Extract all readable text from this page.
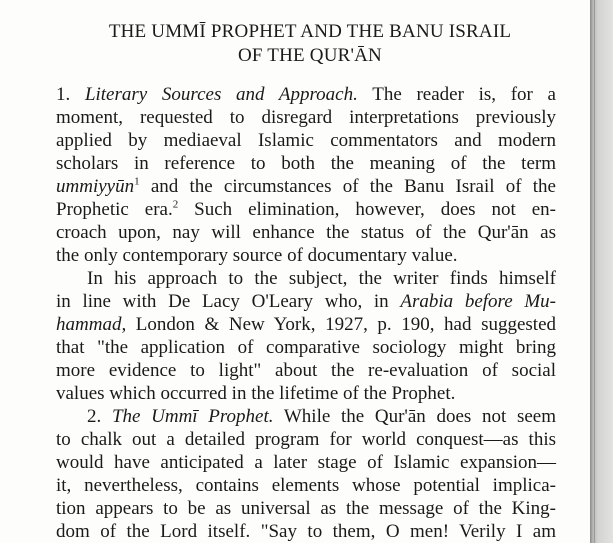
THE UMMĪ PROPHET AND THE BANU ISRAIL
OF THE QUR'ĀN
1. Literary Sources and Approach. The reader is, for a
moment, requested to disregard interpretations previously
applied by mediaeval Islamic commentators and modern
scholars in reference to both the meaning of the term
ummiyyūn$^1$ and the circumstances of the Banu Israil of the
Prophetic era.$^2$ Such elimination, however, does not en-
croach upon, nay will enhance the status of the Qur'ān as
the only contemporary source of documentary value.
In his approach to the subject, the writer finds himself
in line with De Lacy O'Leary who, in Arabia before Mu-
hammad, London & New York, 1927, p. 190, had suggested
that "the application of comparative sociology might bring
more evidence to light" about the re-evaluation of social
values which occurred in the lifetime of the Prophet.
2. The Ummī Prophet. While the Qur'ān does not seem
to chalk out a detailed program for world conquest—as this
would have anticipated a later stage of Islamic expansion—
it, nevertheless, contains elements whose potential implica-
tion appears to be as universal as the message of the King-
dom of the Lord itself. "Say to them, O men! Verily I am
